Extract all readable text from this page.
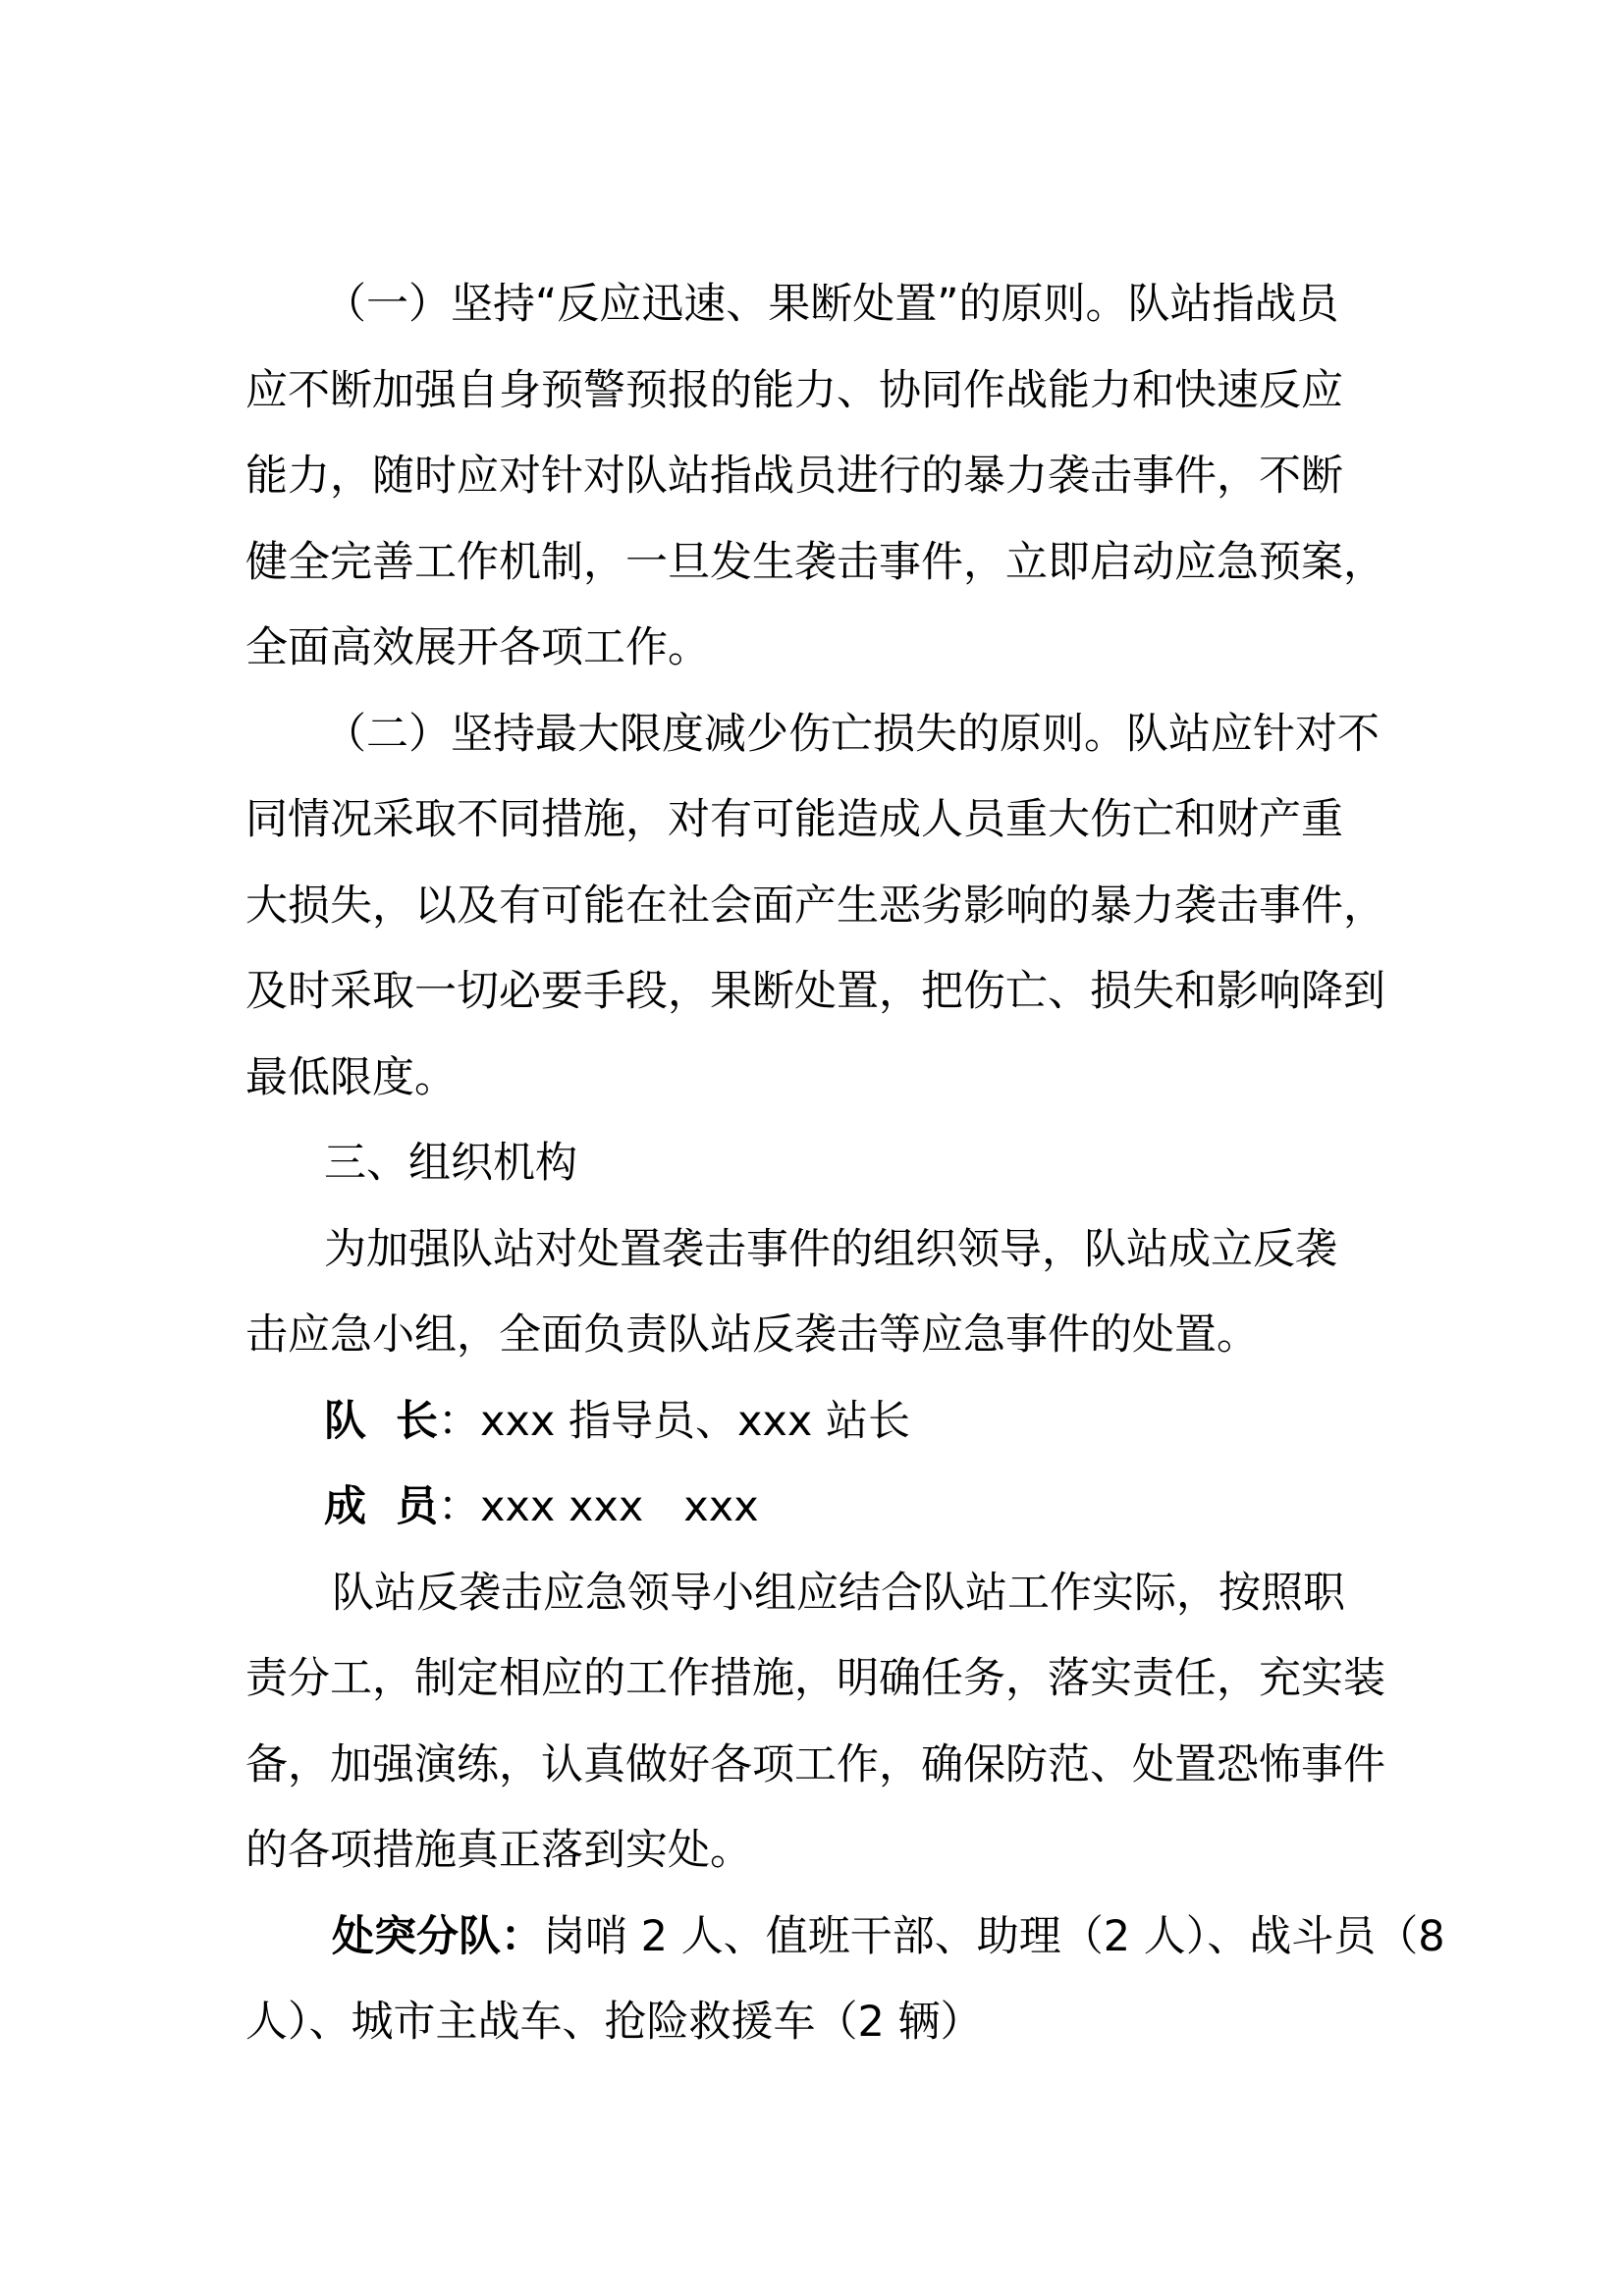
（一）坚持“反应迅速、果断处置”的原则。队站指战员
应不断加强自身预警预报的能力、协同作战能力和快速反应
能力，随时应对针对队站指战员进行的暴力袭击事件，不断
健全完善工作机制，一旦发生袭击事件，立即启动应急预案，
全面高效展开各项工作。
（二）坚持最大限度减少伤亡损失的原则。队站应针对不
同情况采取不同措施，对有可能造成人员重大伤亡和财产重
大损失，以及有可能在社会面产生恶劣影响的暴力袭击事件，
及时采取一切必要手段，果断处置，把伤亡、损失和影响降到
最低限度。
三、组织机构
为加强队站对处置袭击事件的组织领导，队站成立反袭
击应急小组，全面负责队站反袭击等应急事件的处置。
队  长：xxx 指导员、xxx 站长
成  员：xxx xxx   xxx
队站反袭击应急领导小组应结合队站工作实际，按照职
责分工，制定相应的工作措施，明确任务，落实责任，充实装
备，加强演练，认真做好各项工作，确保防范、处置恐怖事件
的各项措施真正落到实处。
处突分队：岗哨 2 人、值班干部、助理（2 人）、战斗员（8
人）、城市主战车、抢险救援车（2 辆）
